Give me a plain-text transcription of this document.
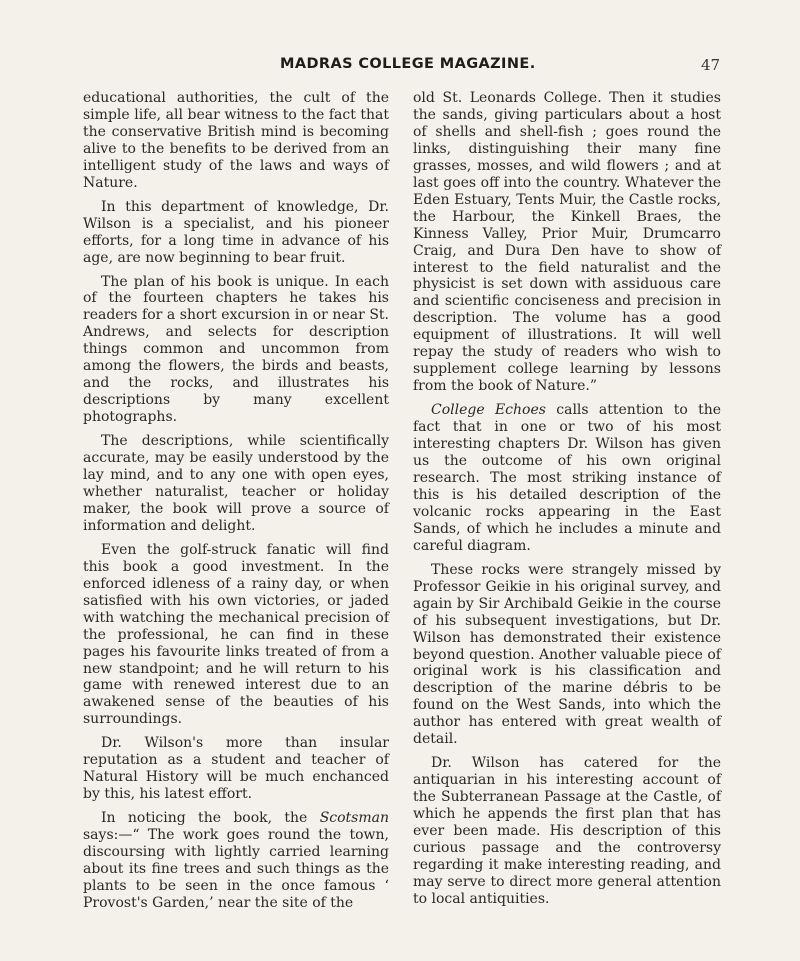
MADRAS COLLEGE MAGAZINE.	47

educational authorities, the cult of the simple life, all bear witness to the fact that the conservative British mind is becoming alive to the benefits to be derived from an intelligent study of the laws and ways of Nature.

In this department of knowledge, Dr. Wilson is a specialist, and his pioneer efforts, for a long time in advance of his age, are now beginning to bear fruit.

The plan of his book is unique. In each of the fourteen chapters he takes his readers for a short excursion in or near St. Andrews, and selects for description things common and uncommon from among the flowers, the birds and beasts, and the rocks, and illustrates his descriptions by many excellent photographs.

The descriptions, while scientifically accurate, may be easily understood by the lay mind, and to any one with open eyes, whether naturalist, teacher or holiday maker, the book will prove a source of information and delight.

Even the golf-struck fanatic will find this book a good investment. In the enforced idleness of a rainy day, or when satisfied with his own victories, or jaded with watching the mechanical precision of the professional, he can find in these pages his favourite links treated of from a new standpoint; and he will return to his game with renewed interest due to an awakened sense of the beauties of his surroundings.

Dr. Wilson's more than insular reputation as a student and teacher of Natural History will be much enchanced by this, his latest effort.

In noticing the book, the Scotsman says:—“ The work goes round the town, discoursing with lightly carried learning about its fine trees and such things as the plants to be seen in the once famous ‘ Provost's Garden,’ near the site of the

old St. Leonards College. Then it studies the sands, giving particulars about a host of shells and shell-fish ; goes round the links, distinguishing their many fine grasses, mosses, and wild flowers ; and at last goes off into the country. Whatever the Eden Estuary, Tents Muir, the Castle rocks, the Harbour, the Kinkell Braes, the Kinness Valley, Prior Muir, Drumcarro Craig, and Dura Den have to show of interest to the field naturalist and the physicist is set down with assiduous care and scientific conciseness and precision in description. The volume has a good equipment of illustrations. It will well repay the study of readers who wish to supplement college learning by lessons from the book of Nature.”

College Echoes calls attention to the fact that in one or two of his most interesting chapters Dr. Wilson has given us the outcome of his own original research. The most striking instance of this is his detailed description of the volcanic rocks appearing in the East Sands, of which he includes a minute and careful diagram.

These rocks were strangely missed by Professor Geikie in his original survey, and again by Sir Archibald Geikie in the course of his subsequent investigations, but Dr. Wilson has demonstrated their existence beyond question. Another valuable piece of original work is his classification and description of the marine débris to be found on the West Sands, into which the author has entered with great wealth of detail.

Dr. Wilson has catered for the antiquarian in his interesting account of the Subterranean Passage at the Castle, of which he appends the first plan that has ever been made. His description of this curious passage and the controversy regarding it make interesting reading, and may serve to direct more general attention to local antiquities.
